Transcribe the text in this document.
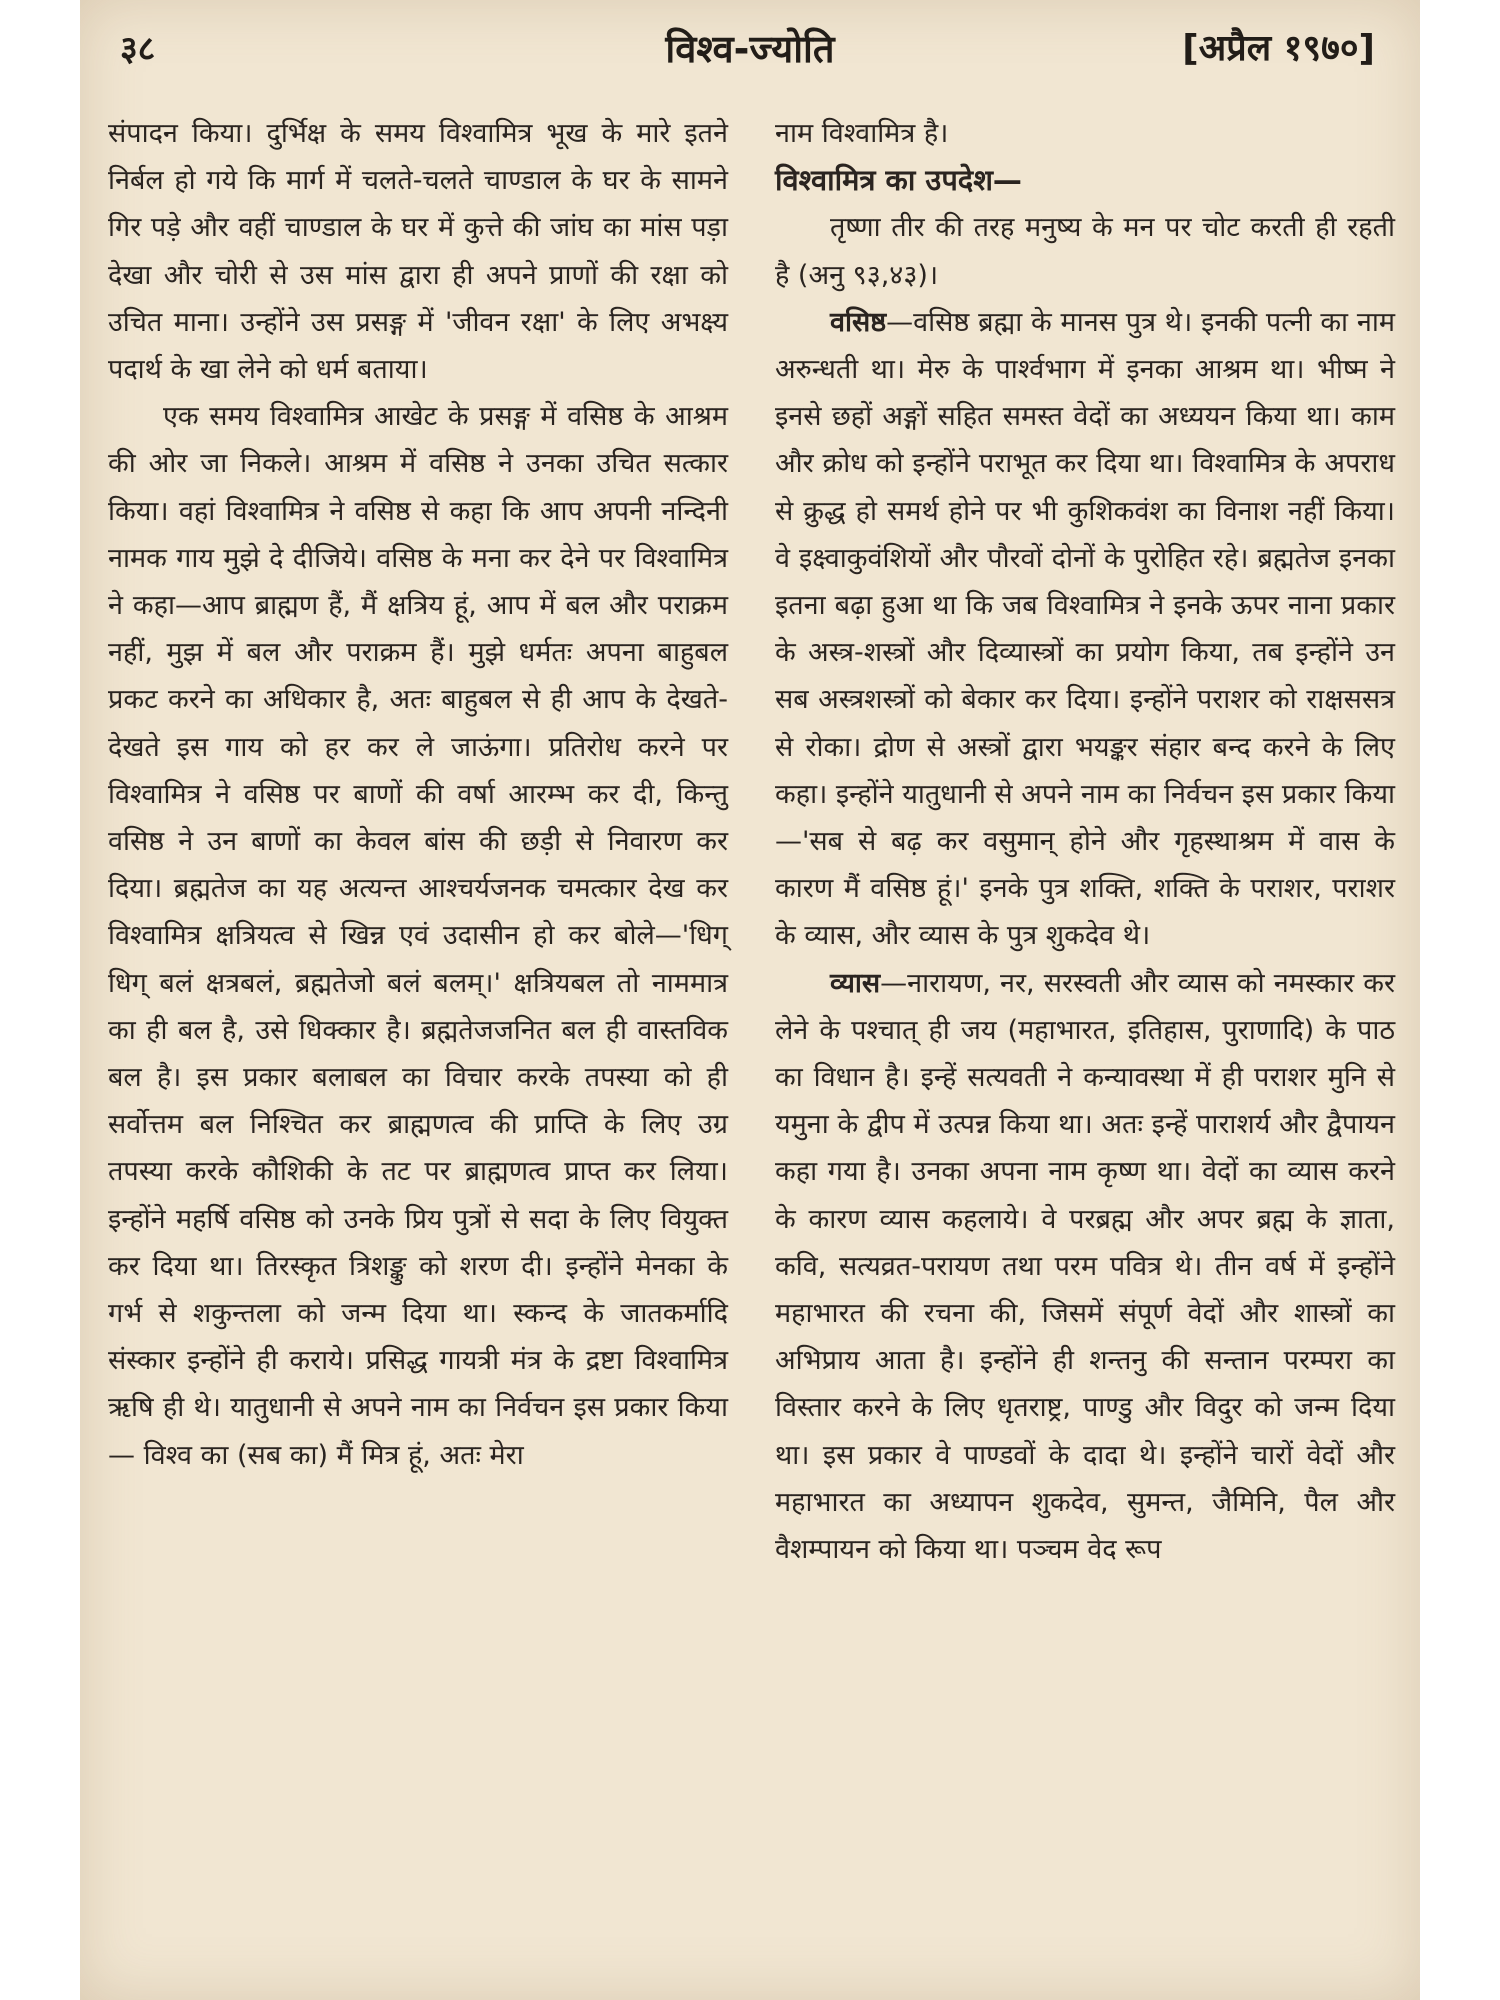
३८	विश्व-ज्योति	[अप्रैल १९७०]

संपादन किया। दुर्भिक्ष के समय विश्वामित्र भूख के मारे इतने निर्बल हो गये कि मार्ग में चलते-चलते चाण्डाल के घर के सामने गिर पड़े और वहीं चाण्डाल के घर में कुत्ते की जांघ का मांस पड़ा देखा और चोरी से उस मांस द्वारा ही अपने प्राणों की रक्षा को उचित माना। उन्होंने उस प्रसङ्ग में 'जीवन रक्षा' के लिए अभक्ष्य पदार्थ के खा लेने को धर्म बताया।

एक समय विश्वामित्र आखेट के प्रसङ्ग में वसिष्ठ के आश्रम की ओर जा निकले। आश्रम में वसिष्ठ ने उनका उचित सत्कार किया। वहां विश्वामित्र ने वसिष्ठ से कहा कि आप अपनी नन्दिनी नामक गाय मुझे दे दीजिये। वसिष्ठ के मना कर देने पर विश्वामित्र ने कहा—आप ब्राह्मण हैं, मैं क्षत्रिय हूं, आप में बल और पराक्रम नहीं, मुझ में बल और पराक्रम हैं। मुझे धर्मतः अपना बाहुबल प्रकट करने का अधिकार है, अतः बाहुबल से ही आप के देखते-देखते इस गाय को हर कर ले जाऊंगा। प्रतिरोध करने पर विश्वामित्र ने वसिष्ठ पर बाणों की वर्षा आरम्भ कर दी, किन्तु वसिष्ठ ने उन बाणों का केवल बांस की छड़ी से निवारण कर दिया। ब्रह्मतेज का यह अत्यन्त आश्चर्यजनक चमत्कार देख कर विश्वामित्र क्षत्रियत्व से खिन्न एवं उदासीन हो कर बोले—'धिग् धिग् बलं क्षत्रबलं, ब्रह्मतेजो बलं बलम्।' क्षत्रियबल तो नाममात्र का ही बल है, उसे धिक्कार है। ब्रह्मतेजजनित बल ही वास्तविक बल है। इस प्रकार बलाबल का विचार करके तपस्या को ही सर्वोत्तम बल निश्चित कर ब्राह्मणत्व की प्राप्ति के लिए उग्र तपस्या करके कौशिकी के तट पर ब्राह्मणत्व प्राप्त कर लिया। इन्होंने महर्षि वसिष्ठ को उनके प्रिय पुत्रों से सदा के लिए वियुक्त कर दिया था। तिरस्कृत त्रिशङ्कु को शरण दी। इन्होंने मेनका के गर्भ से शकुन्तला को जन्म दिया था। स्कन्द के जातकर्मादि संस्कार इन्होंने ही कराये। प्रसिद्ध गायत्री मंत्र के द्रष्टा विश्वामित्र ऋषि ही थे। यातुधानी से अपने नाम का निर्वचन इस प्रकार किया— विश्व का (सब का) मैं मित्र हूं, अतः मेरा

नाम विश्वामित्र है।

विश्वामित्र का उपदेश—

तृष्णा तीर की तरह मनुष्य के मन पर चोट करती ही रहती है (अनु ९३,४३)।

वसिष्ठ—वसिष्ठ ब्रह्मा के मानस पुत्र थे। इनकी पत्नी का नाम अरुन्धती था। मेरु के पार्श्वभाग में इनका आश्रम था। भीष्म ने इनसे छहों अङ्गों सहित समस्त वेदों का अध्ययन किया था। काम और क्रोध को इन्होंने पराभूत कर दिया था। विश्वामित्र के अपराध से क्रुद्ध हो समर्थ होने पर भी कुशिकवंश का विनाश नहीं किया। वे इक्ष्वाकुवंशियों और पौरवों दोनों के पुरोहित रहे। ब्रह्मतेज इनका इतना बढ़ा हुआ था कि जब विश्वामित्र ने इनके ऊपर नाना प्रकार के अस्त्र-शस्त्रों और दिव्यास्त्रों का प्रयोग किया, तब इन्होंने उन सब अस्त्रशस्त्रों को बेकार कर दिया। इन्होंने पराशर को राक्षससत्र से रोका। द्रोण से अस्त्रों द्वारा भयङ्कर संहार बन्द करने के लिए कहा। इन्होंने यातुधानी से अपने नाम का निर्वचन इस प्रकार किया—'सब से बढ़ कर वसुमान् होने और गृहस्थाश्रम में वास के कारण मैं वसिष्ठ हूं।' इनके पुत्र शक्ति, शक्ति के पराशर, पराशर के व्यास, और व्यास के पुत्र शुकदेव थे।

व्यास—नारायण, नर, सरस्वती और व्यास को नमस्कार कर लेने के पश्चात् ही जय (महाभारत, इतिहास, पुराणादि) के पाठ का विधान है। इन्हें सत्यवती ने कन्यावस्था में ही पराशर मुनि से यमुना के द्वीप में उत्पन्न किया था। अतः इन्हें पाराशर्य और द्वैपायन कहा गया है। उनका अपना नाम कृष्ण था। वेदों का व्यास करने के कारण व्यास कहलाये। वे परब्रह्म और अपर ब्रह्म के ज्ञाता, कवि, सत्यव्रत-परायण तथा परम पवित्र थे। तीन वर्ष में इन्होंने महाभारत की रचना की, जिसमें संपूर्ण वेदों और शास्त्रों का अभिप्राय आता है। इन्होंने ही शन्तनु की सन्तान परम्परा का विस्तार करने के लिए धृतराष्ट्र, पाण्डु और विदुर को जन्म दिया था। इस प्रकार वे पाण्डवों के दादा थे। इन्होंने चारों वेदों और महाभारत का अध्यापन शुकदेव, सुमन्त, जैमिनि, पैल और वैशम्पायन को किया था। पञ्चम वेद रूप
